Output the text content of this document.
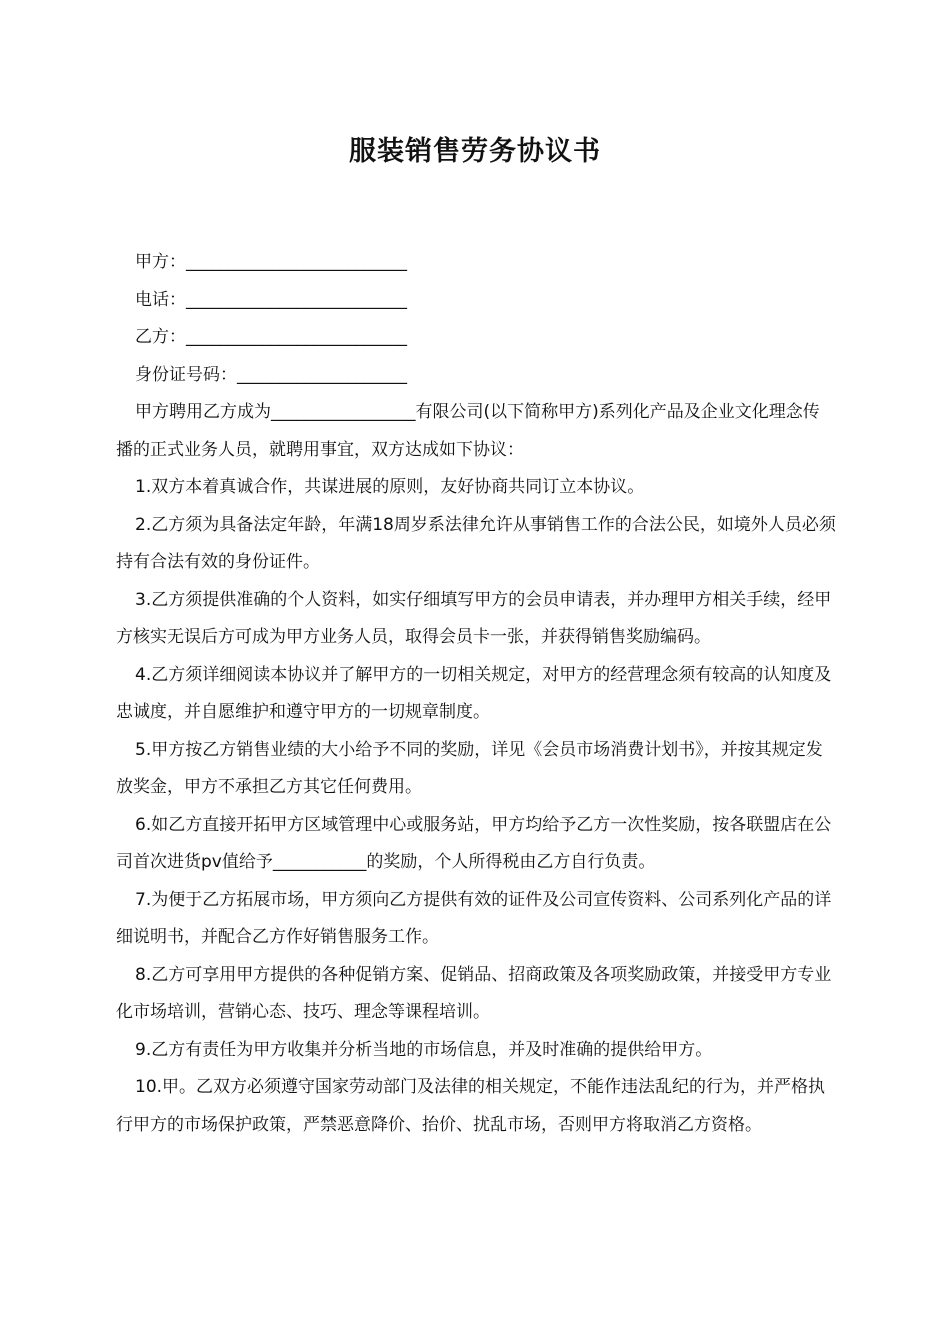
服装销售劳务协议书
甲方：__________________________
电话：__________________________
乙方：__________________________
身份证号码：____________________

甲方聘用乙方成为_________________有限公司(以下简称甲方)系列化产品及企业文化理念传播的正式业务人员，就聘用事宜，双方达成如下协议：

1.双方本着真诚合作，共谋进展的原则，友好协商共同订立本协议。

2.乙方须为具备法定年龄，年满18周岁系法律允许从事销售工作的合法公民，如境外人员必须持有合法有效的身份证件。

3.乙方须提供准确的个人资料，如实仔细填写甲方的会员申请表，并办理甲方相关手续，经甲方核实无误后方可成为甲方业务人员，取得会员卡一张，并获得销售奖励编码。

4.乙方须详细阅读本协议并了解甲方的一切相关规定，对甲方的经营理念须有较高的认知度及忠诚度，并自愿维护和遵守甲方的一切规章制度。

5.甲方按乙方销售业绩的大小给予不同的奖励，详见《会员市场消费计划书》，并按其规定发放奖金，甲方不承担乙方其它任何费用。

6.如乙方直接开拓甲方区域管理中心或服务站，甲方均给予乙方一次性奖励，按各联盟店在公司首次进货pv值给予___________的奖励，个人所得税由乙方自行负责。

7.为便于乙方拓展市场，甲方须向乙方提供有效的证件及公司宣传资料、公司系列化产品的详细说明书，并配合乙方作好销售服务工作。

8.乙方可享用甲方提供的各种促销方案、促销品、招商政策及各项奖励政策，并接受甲方专业化市场培训，营销心态、技巧、理念等课程培训。

9.乙方有责任为甲方收集并分析当地的市场信息，并及时准确的提供给甲方。

10.甲。乙双方必须遵守国家劳动部门及法律的相关规定，不能作违法乱纪的行为，并严格执行甲方的市场保护政策，严禁恶意降价、抬价、扰乱市场，否则甲方将取消乙方资格。
